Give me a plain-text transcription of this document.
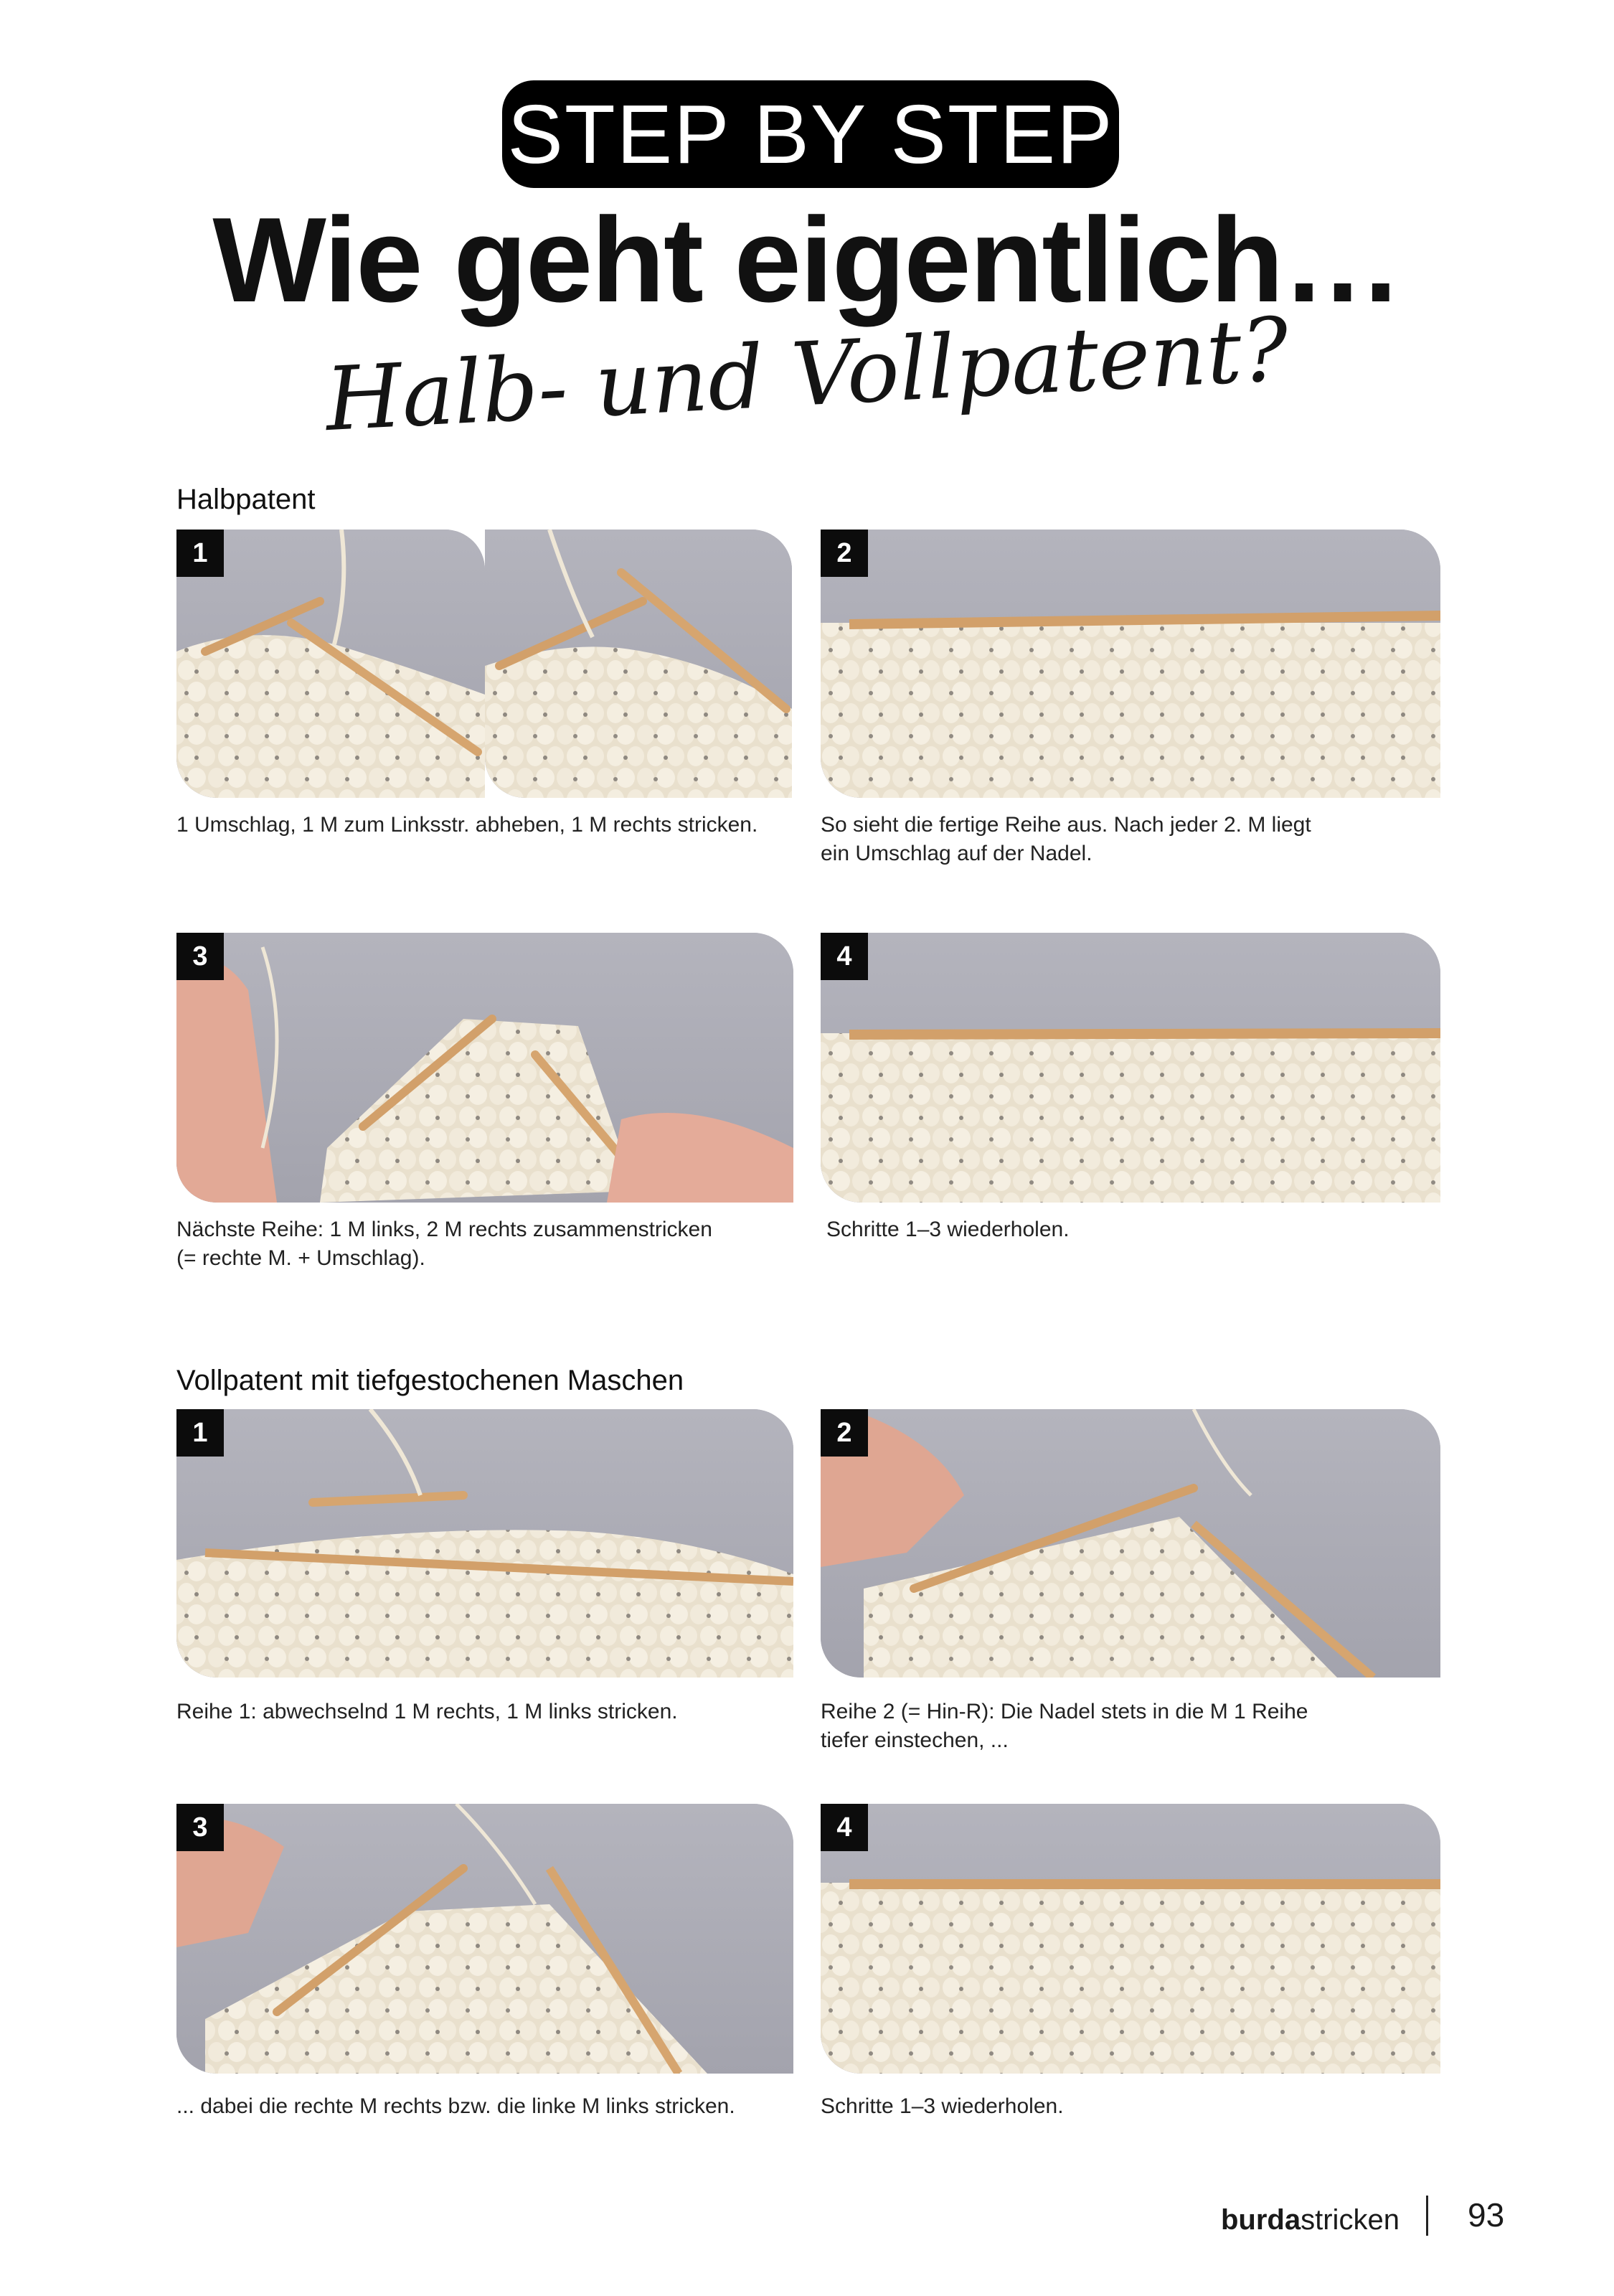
STEP BY STEP
Wie geht eigentlich…
Halb- und Vollpatent?
Halbpatent
1
1 Umschlag, 1 M zum Linksstr. abheben, 1 M rechts stricken.
2
So sieht die fertige Reihe aus. Nach jeder 2. M liegt
ein Umschlag auf der Nadel.
3
Nächste Reihe: 1 M links, 2 M rechts zusammenstricken
(= rechte M. + Umschlag).
4
Schritte 1–3 wiederholen.
Vollpatent mit tiefgestochenen Maschen
1
Reihe 1: abwechselnd 1 M rechts, 1 M links stricken.
2
Reihe 2 (= Hin-R): Die Nadel stets in die M 1 Reihe
tiefer einstechen, ...
3
... dabei die rechte M rechts bzw. die linke M links stricken.
4
Schritte 1–3 wiederholen.
burdastricken 93
